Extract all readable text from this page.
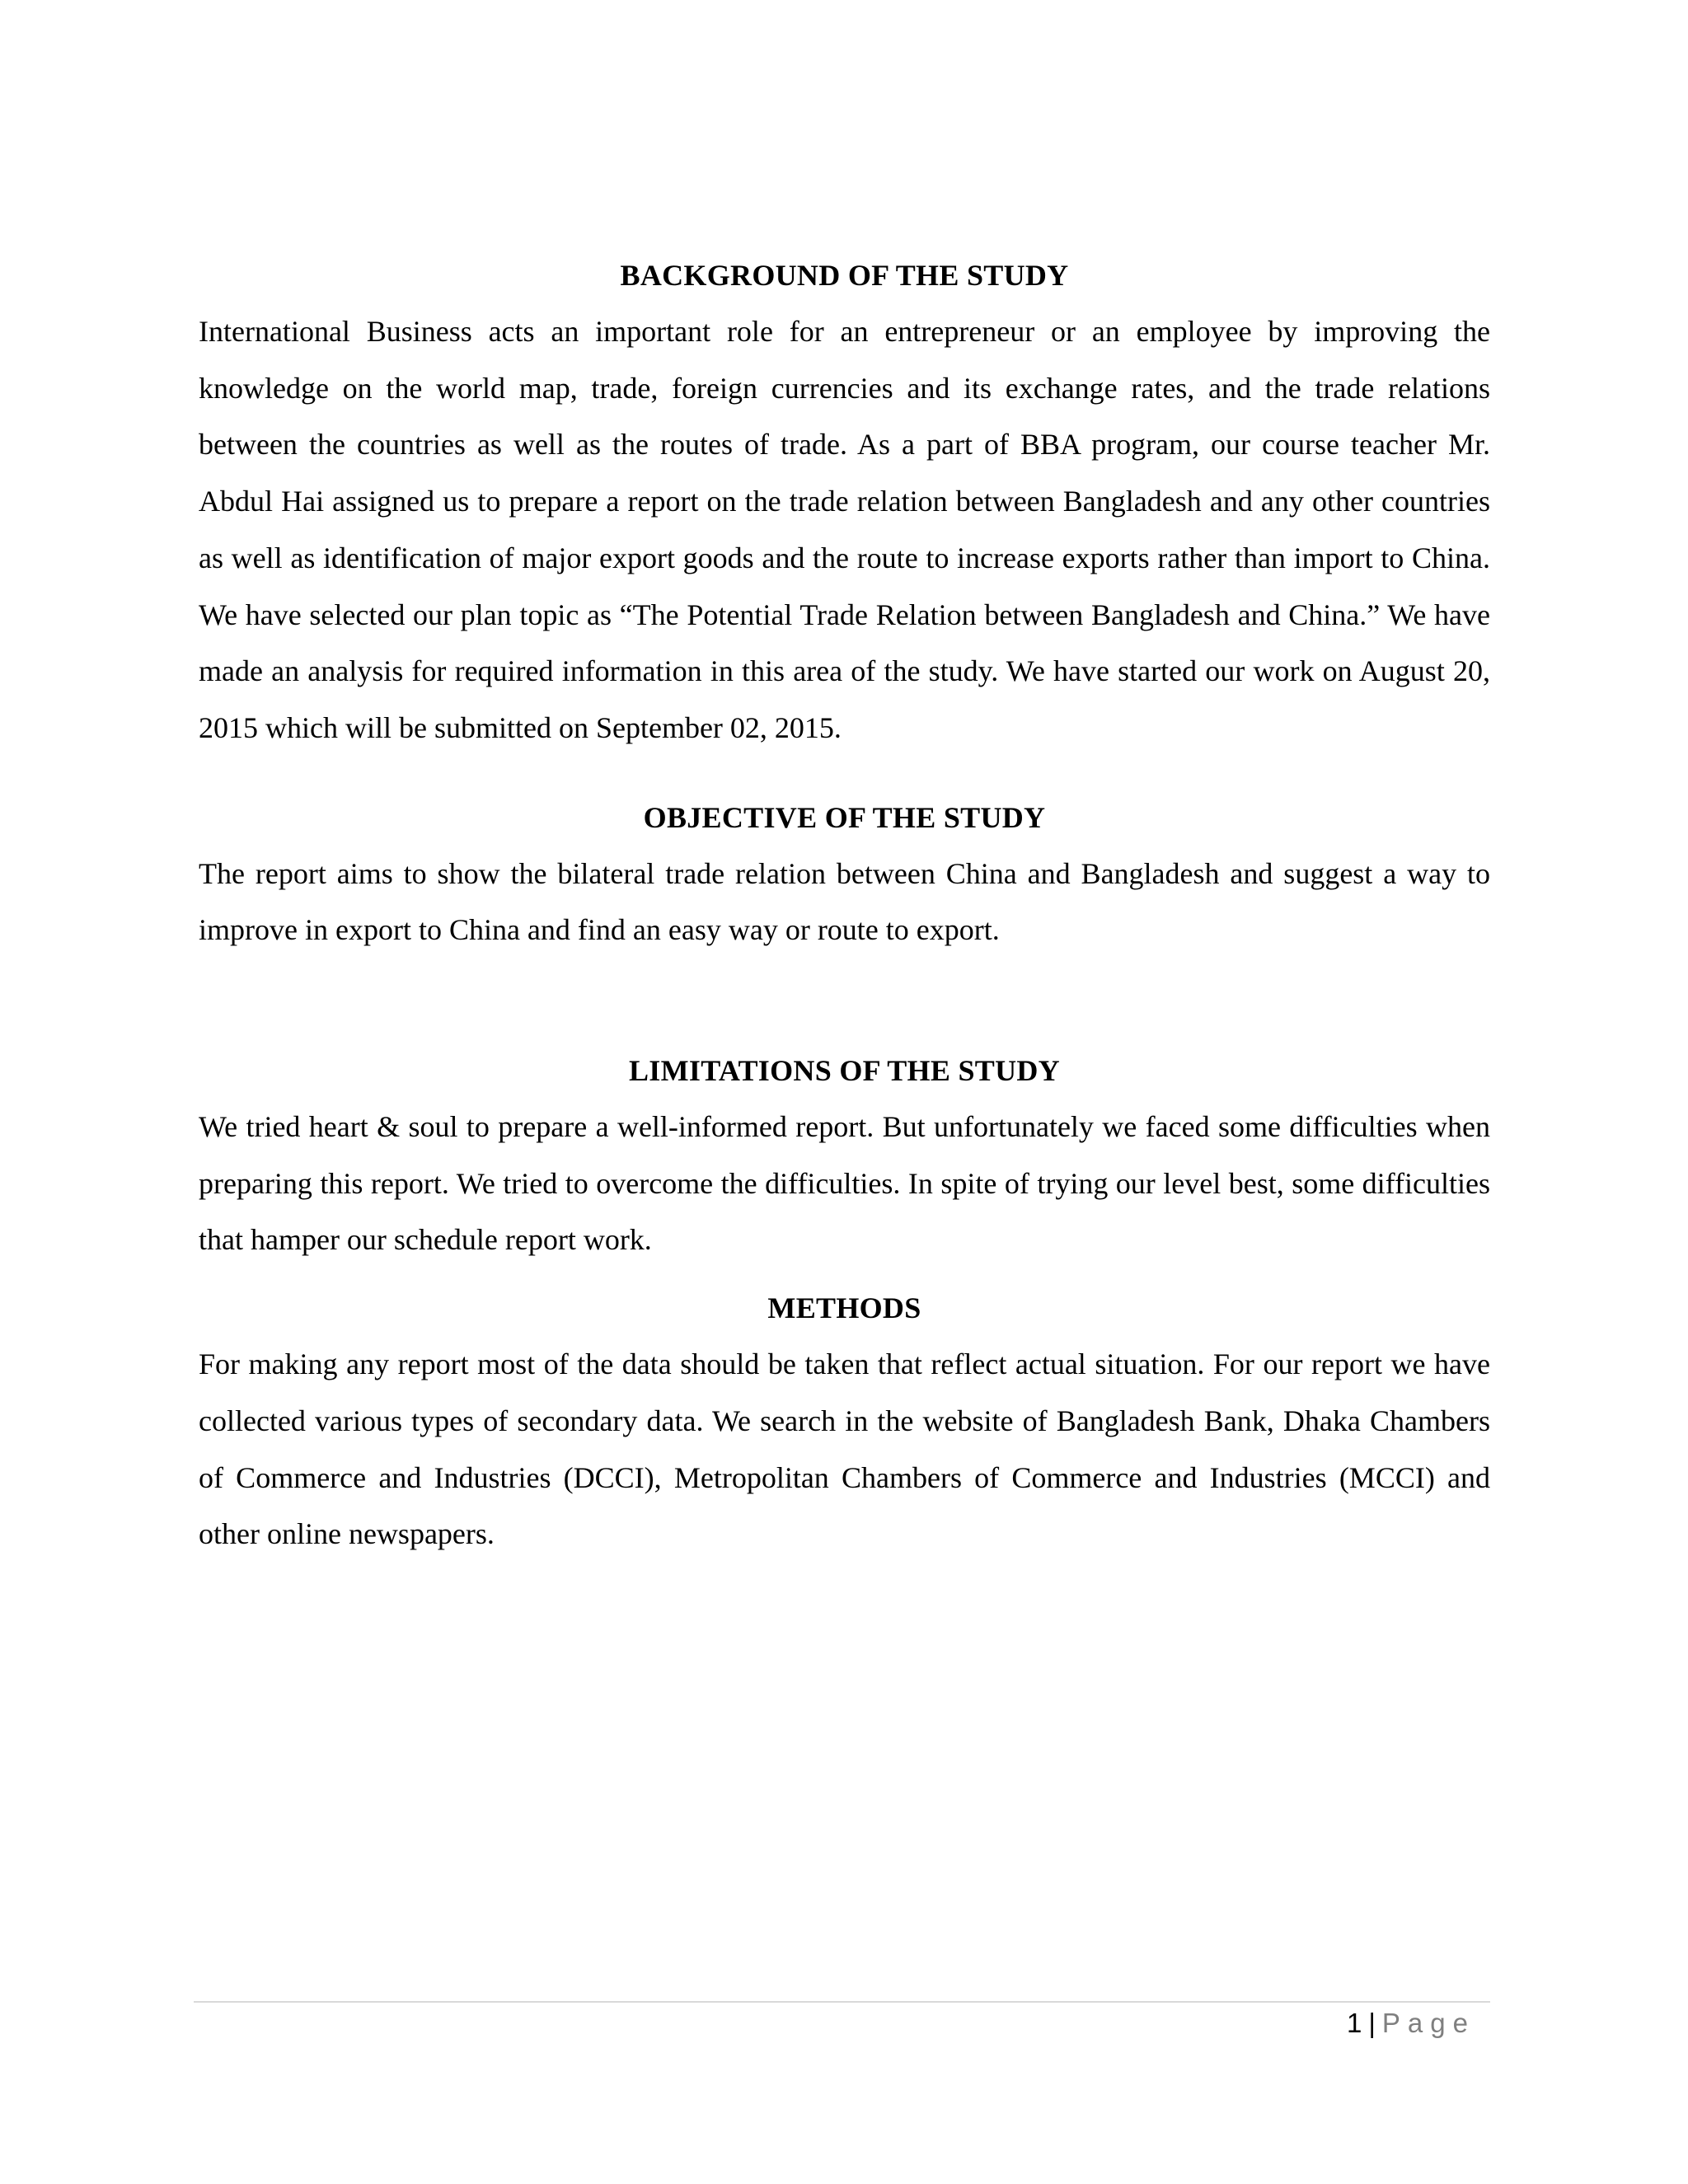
BACKGROUND OF THE STUDY

International Business acts an important role for an entrepreneur or an employee by improving the knowledge on the world map, trade, foreign currencies and its exchange rates, and the trade relations between the countries as well as the routes of trade. As a part of BBA program, our course teacher Mr. Abdul Hai assigned us to prepare a report on the trade relation between Bangladesh and any other countries as well as identification of major export goods and the route to increase exports rather than import to China. We have selected our plan topic as “The Potential Trade Relation between Bangladesh and China.” We have made an analysis for required information in this area of the study. We have started our work on August 20, 2015 which will be submitted on September 02, 2015.

OBJECTIVE OF THE STUDY

The report aims to show the bilateral trade relation between China and Bangladesh and suggest a way to improve in export to China and find an easy way or route to export.

LIMITATIONS OF THE STUDY

We tried heart & soul to prepare a well-informed report. But unfortunately we faced some difficulties when preparing this report. We tried to overcome the difficulties. In spite of trying our level best, some difficulties that hamper our schedule report work.

METHODS

For making any report most of the data should be taken that reflect actual situation. For our report we have collected various types of secondary data. We search in the website of Bangladesh Bank, Dhaka Chambers of Commerce and Industries (DCCI), Metropolitan Chambers of Commerce and Industries (MCCI) and other online newspapers.

1 | Page
